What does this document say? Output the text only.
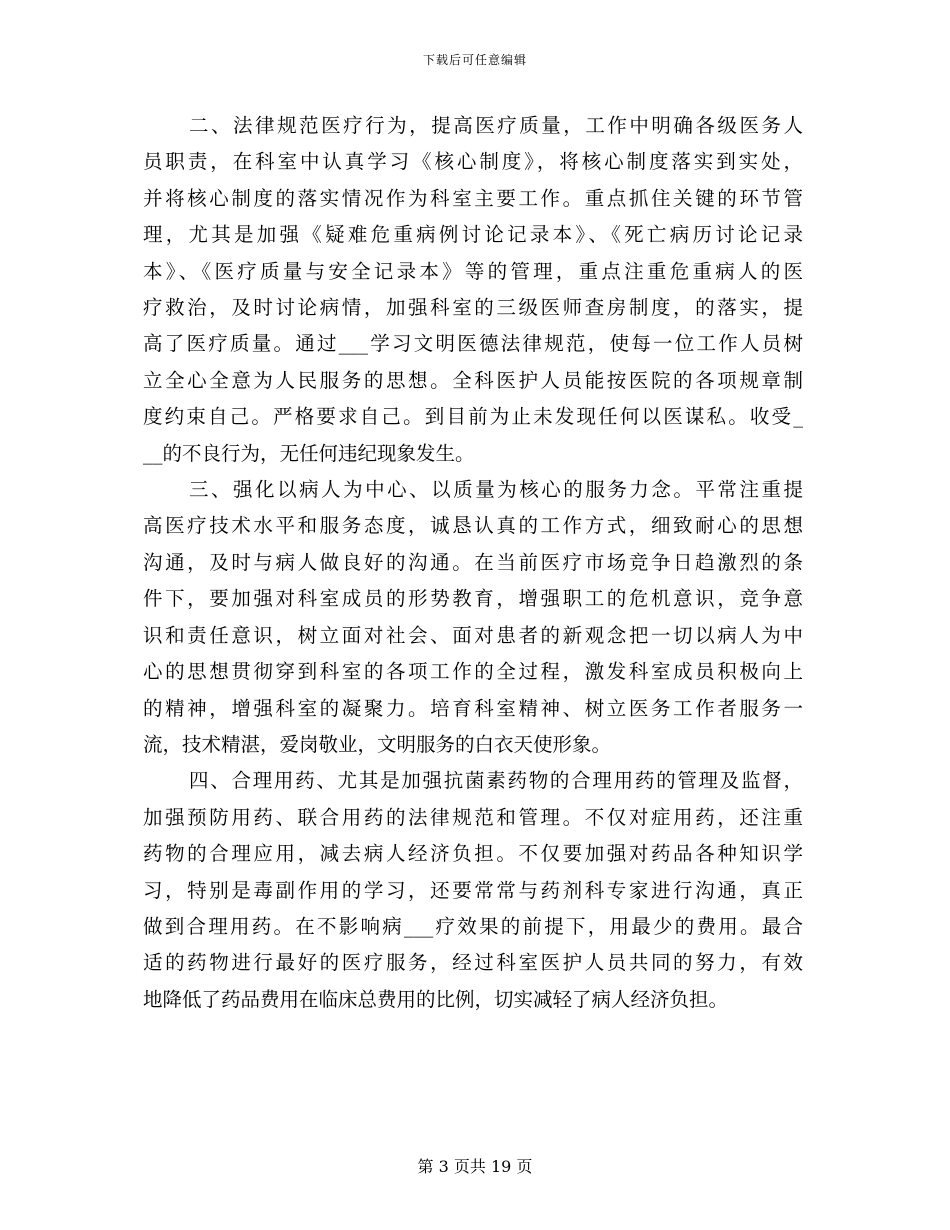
下载后可任意编辑

二、法律规范医疗行为，提高医疗质量，工作中明确各级医务人
员职责，在科室中认真学习《核心制度》，将核心制度落实到实处，
并将核心制度的落实情况作为科室主要工作。重点抓住关键的环节管
理，尤其是加强《疑难危重病例讨论记录本》、《死亡病历讨论记录
本》、《医疗质量与安全记录本》等的管理，重点注重危重病人的医
疗救治，及时讨论病情，加强科室的三级医师查房制度，的落实，提
高了医疗质量。通过___学习文明医德法律规范，使每一位工作人员树
立全心全意为人民服务的思想。全科医护人员能按医院的各项规章制
度约束自己。严格要求自己。到目前为止未发现任何以医谋私。收受_
__的不良行为，无任何违纪现象发生。

三、强化以病人为中心、以质量为核心的服务力念。平常注重提
高医疗技术水平和服务态度，诚恳认真的工作方式，细致耐心的思想
沟通，及时与病人做良好的沟通。在当前医疗市场竞争日趋激烈的条
件下，要加强对科室成员的形势教育，增强职工的危机意识，竞争意
识和责任意识，树立面对社会、面对患者的新观念把一切以病人为中
心的思想贯彻穿到科室的各项工作的全过程，激发科室成员积极向上
的精神，增强科室的凝聚力。培育科室精神、树立医务工作者服务一
流，技术精湛，爱岗敬业，文明服务的白衣天使形象。

四、合理用药、尤其是加强抗菌素药物的合理用药的管理及监督，
加强预防用药、联合用药的法律规范和管理。不仅对症用药，还注重
药物的合理应用，减去病人经济负担。不仅要加强对药品各种知识学
习，特别是毒副作用的学习，还要常常与药剂科专家进行沟通，真正
做到合理用药。在不影响病___疗效果的前提下，用最少的费用。最合
适的药物进行最好的医疗服务，经过科室医护人员共同的努力，有效
地降低了药品费用在临床总费用的比例，切实减轻了病人经济负担。

第 3 页共 19 页
